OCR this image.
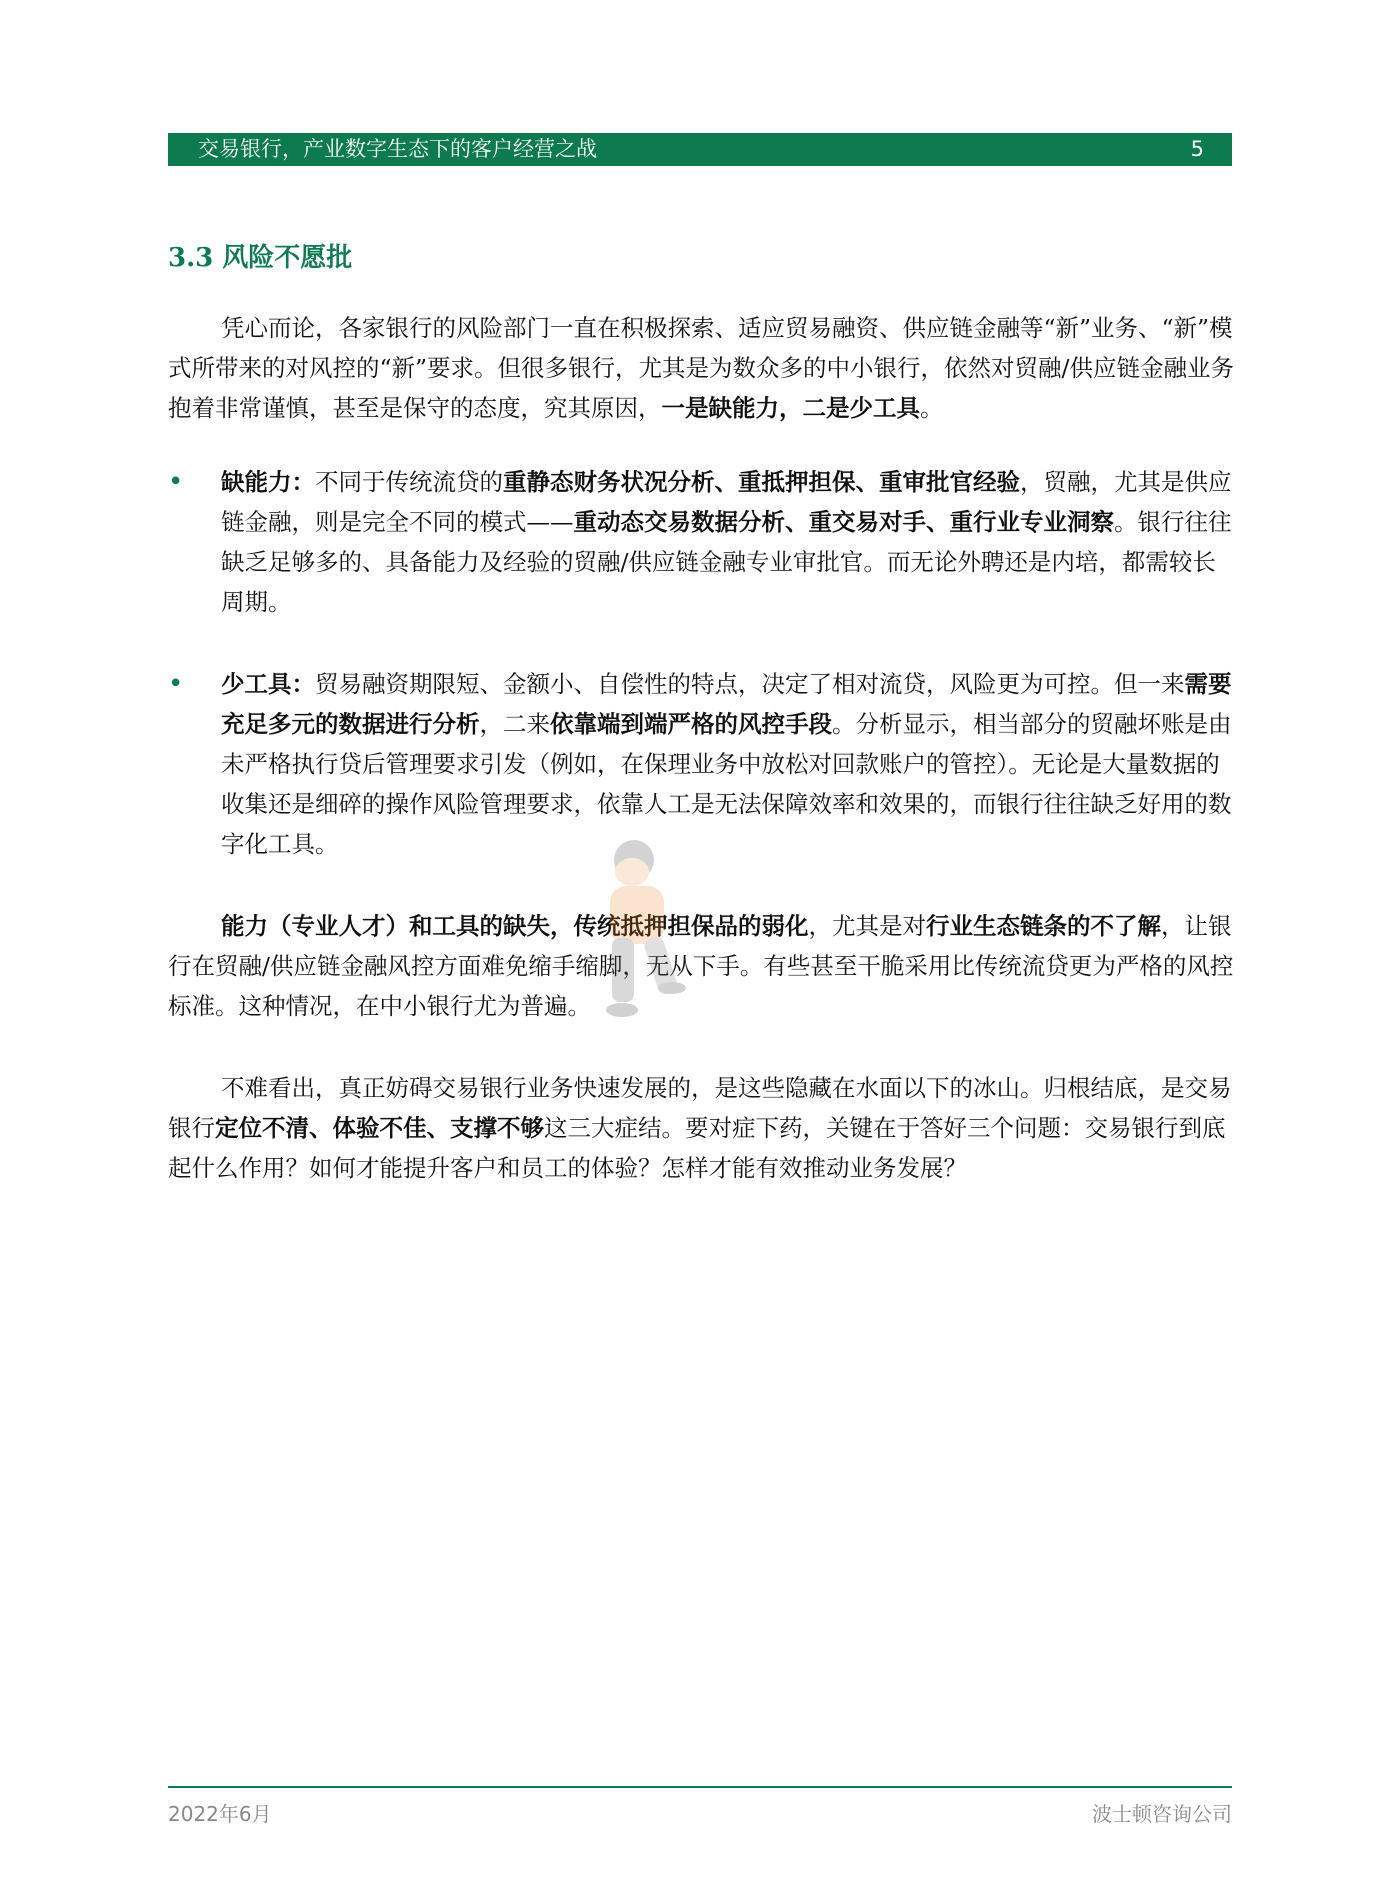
交易银行，产业数字生态下的客户经营之战	5
3.3 风险不愿批

凭心而论，各家银行的风险部门一直在积极探索、适应贸易融资、供应链金融等“新”业务、“新”模式所带来的对风控的“新”要求。但很多银行，尤其是为数众多的中小银行，依然对贸融/供应链金融业务抱着非常谨慎，甚至是保守的态度，究其原因，一是缺能力，二是少工具。

• 缺能力：不同于传统流贷的重静态财务状况分析、重抵押担保、重审批官经验，贸融，尤其是供应链金融，则是完全不同的模式——重动态交易数据分析、重交易对手、重行业专业洞察。银行往往缺乏足够多的、具备能力及经验的贸融/供应链金融专业审批官。而无论外聘还是内培，都需较长周期。

• 少工具：贸易融资期限短、金额小、自偿性的特点，决定了相对流贷，风险更为可控。但一来需要充足多元的数据进行分析，二来依靠端到端严格的风控手段。分析显示，相当部分的贸融坏账是由未严格执行贷后管理要求引发（例如，在保理业务中放松对回款账户的管控）。无论是大量数据的收集还是细碎的操作风险管理要求，依靠人工是无法保障效率和效果的，而银行往往缺乏好用的数字化工具。

能力（专业人才）和工具的缺失，传统抵押担保品的弱化，尤其是对行业生态链条的不了解，让银行在贸融/供应链金融风控方面难免缩手缩脚，无从下手。有些甚至干脆采用比传统流贷更为严格的风控标准。这种情况，在中小银行尤为普遍。

不难看出，真正妨碍交易银行业务快速发展的，是这些隐藏在水面以下的冰山。归根结底，是交易银行定位不清、体验不佳、支撑不够这三大症结。要对症下药，关键在于答好三个问题：交易银行到底起什么作用？如何才能提升客户和员工的体验？怎样才能有效推动业务发展？

2022年6月	波士顿咨询公司
